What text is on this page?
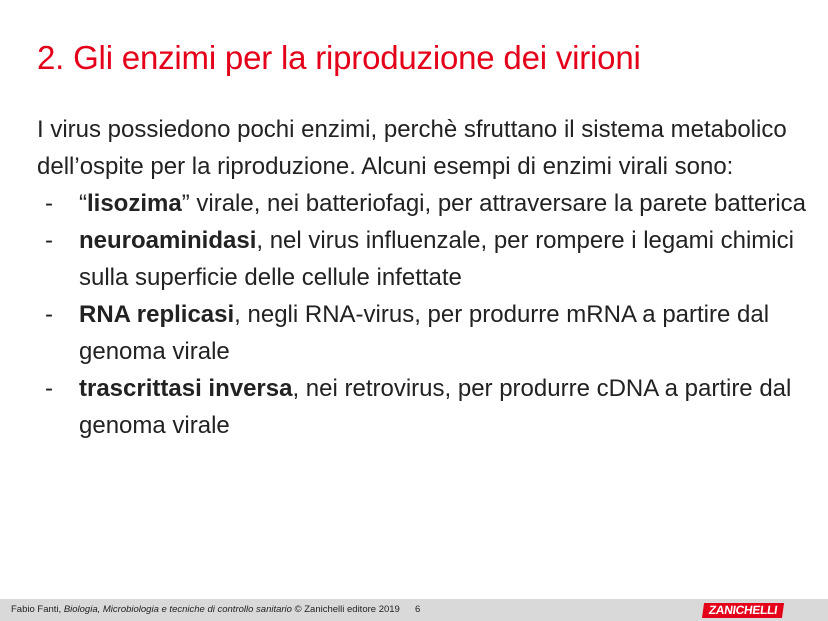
2. Gli enzimi per la riproduzione dei virioni

I virus possiedono pochi enzimi, perchè sfruttano il sistema metabolico dell’ospite per la riproduzione. Alcuni esempi di enzimi virali sono:

- “lisozima” virale, nei batteriofagi, per attraversare la parete batterica
- neuroaminidasi, nel virus influenzale, per rompere i legami chimici sulla superficie delle cellule infettate
- RNA replicasi, negli RNA-virus, per produrre mRNA a partire dal genoma virale
- trascrittasi inversa, nei retrovirus, per produrre cDNA a partire dal genoma virale
Fabio Fanti, Biologia, Microbiologia e tecniche di controllo sanitario © Zanichelli editore 2019 6	ZANICHELLI
